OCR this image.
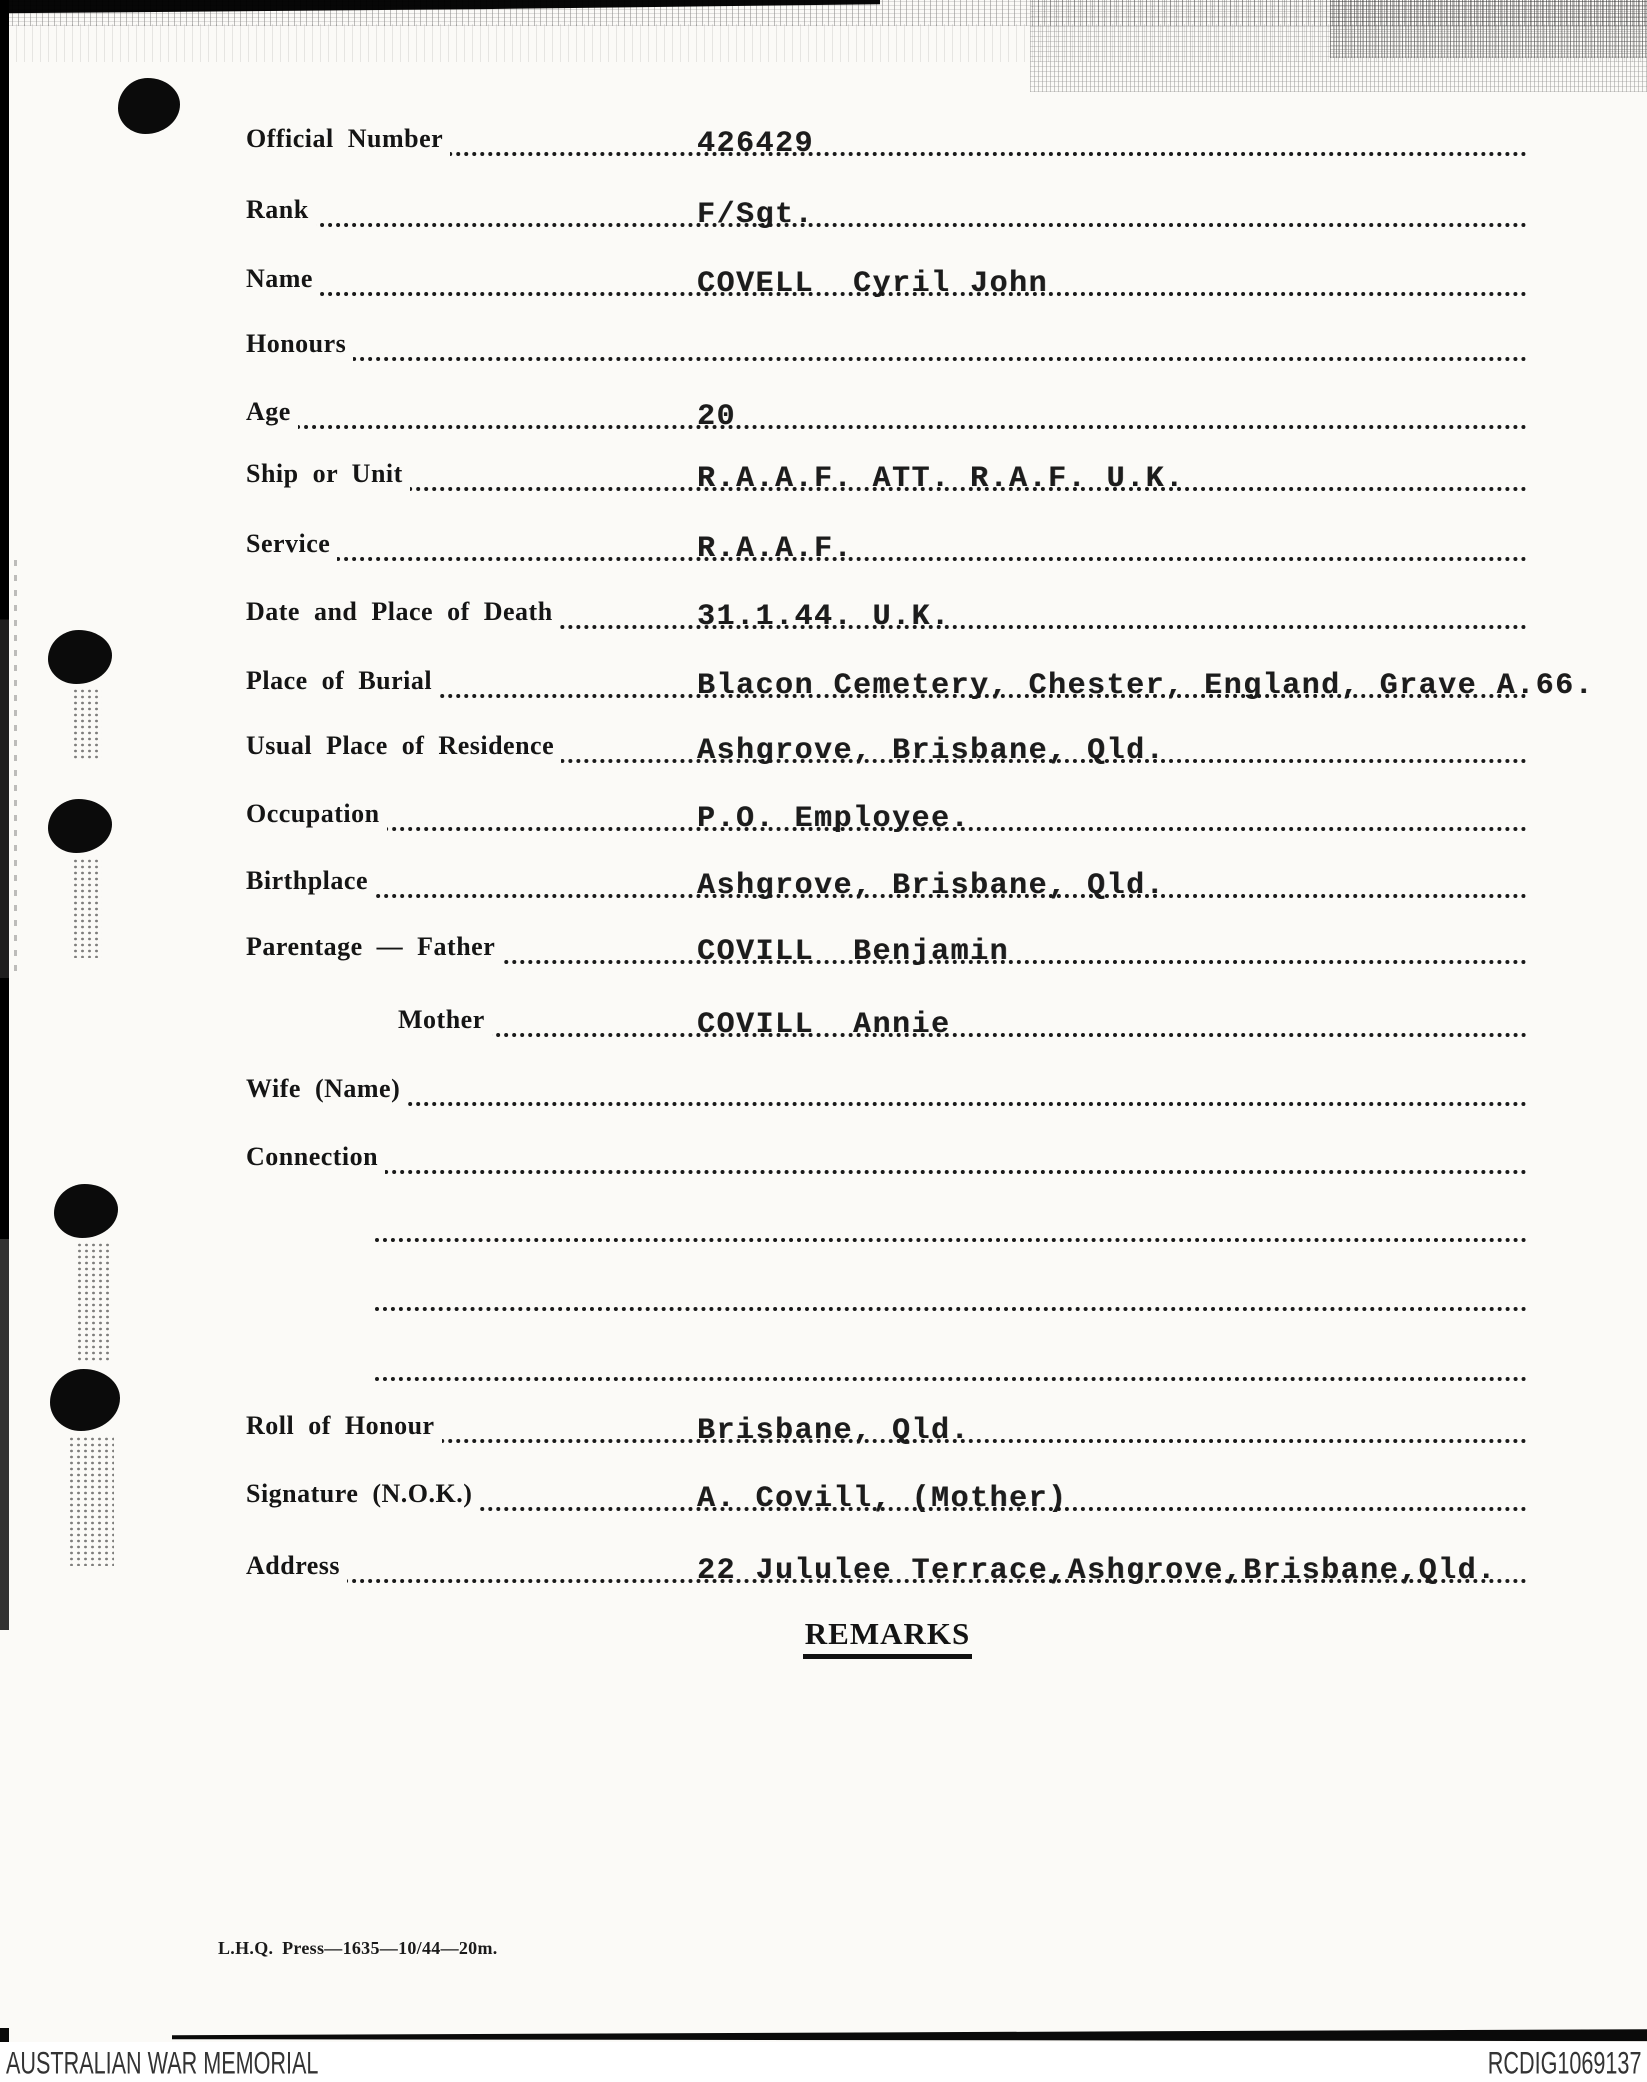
Official Number	426429
Rank	F/Sgt.
Name	COVELL  Cyril John
Honours
Age	20
Ship or Unit	R.A.A.F. ATT. R.A.F. U.K.
Service	R.A.A.F.
Date and Place of Death	31.1.44. U.K.
Place of Burial	Blacon Cemetery, Chester, England, Grave A.66.
Usual Place of Residence	Ashgrove, Brisbane, Qld.
Occupation	P.O. Employee.
Birthplace	Ashgrove, Brisbane, Qld.
Parentage — Father	COVILL  Benjamin
Mother	COVILL  Annie
Wife (Name)
Connection
Roll of Honour	Brisbane, Qld.
Signature (N.O.K.)	A. Covill, (Mother)
Address	22 Jululee Terrace,Ashgrove,Brisbane,Qld.
REMARKS
L.H.Q. Press—1635—10/44—20m.
AUSTRALIAN WAR MEMORIAL	RCDIG1069137
